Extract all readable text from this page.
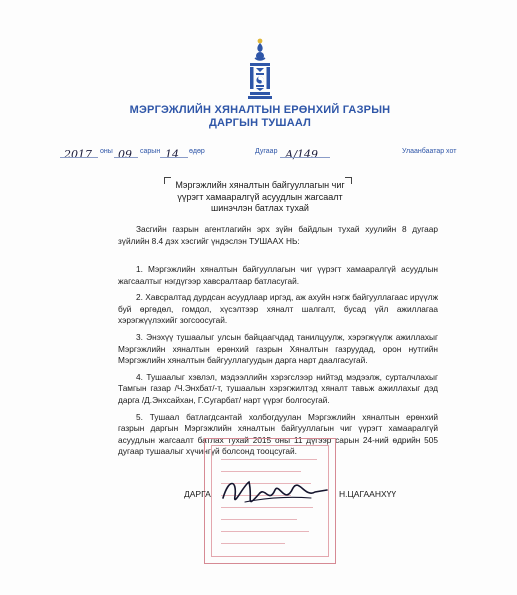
МЭРГЭЖЛИЙН ХЯНАЛТЫН ЕРӨНХИЙ ГАЗРЫН
ДАРГЫН ТУШААЛ
2017 оны 09 сарын 14 өдөр	Дугаар А/149	Улаанбаатар хот
Мэргэжлийн хяналтын байгууллагын чиг
үүрэгт хамааралгүй асуудлын жагсаалт
шинэчлэн батлах тухай

Засгийн газрын агентлагийн эрх зүйн байдлын тухай хуулийн 8 дугаар зүйлийн 8.4 дэх хэсгийг үндэслэн ТУШААХ НЬ:

1. Мэргэжлийн хяналтын байгууллагын чиг үүрэгт хамааралгүй асуудлын жагсаалтыг нэгдүгээр хавсралтаар батласугай.

2. Хавсралтад дурдсан асуудлаар иргэд, аж ахуйн нэгж байгууллагаас ирүүлж буй өргөдөл, гомдол, хүсэлтээр хяналт шалгалт, бусад үйл ажиллагаа хэрэгжүүлэхийг зогсоосугай.

3. Энэхүү тушаалыг улсын байцаагчдад танилцуулж, хэрэгжүүлж ажиллахыг Мэргэжлийн хяналтын ерөнхий газрын Хяналтын газруудад, орон нутгийн Мэргэжлийн хяналтын байгууллагуудын дарга нарт даалгасугай.

4. Тушаалыг хэвлэл, мэдээллийн хэрэгслээр нийтэд мэдээлж, сурталчлахыг Тамгын газар /Ч.Энхбат/-т, тушаалын хэрэгжилтэд хяналт тавьж ажиллахыг дэд дарга /Д.Энхсайхан, Г.Сугарбат/ нарт үүрэг болгосугай.

5. Тушаал батлагдсантай холбогдуулан Мэргэжлийн хяналтын ерөнхий газрын даргын Мэргэжлийн хяналтын байгууллагын чиг үүрэгт хамааралгүй асуудлын жагсаалт батлах тухай 2015 оны 11 дүгээр сарын 24-ний өдрийн 505 дугаар тушаалыг хүчингүй болсонд тооцсугай.

ДАРГА	Н.ЦАГААНХҮҮ
